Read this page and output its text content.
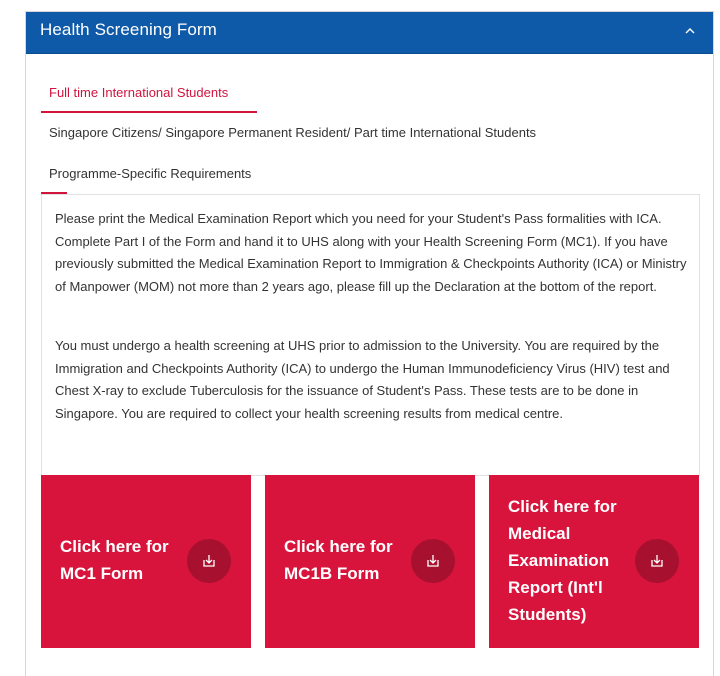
Health Screening Form
Full time International Students
Singapore Citizens/ Singapore Permanent Resident/ Part time International Students
Programme-Specific Requirements

Please print the Medical Examination Report which you need for your Student's Pass formalities with ICA. Complete Part I of the Form and hand it to UHS along with your Health Screening Form (MC1). If you have previously submitted the Medical Examination Report to Immigration & Checkpoints Authority (ICA) or Ministry of Manpower (MOM) not more than 2 years ago, please fill up the Declaration at the bottom of the report.

You must undergo a health screening at UHS prior to admission to the University. You are required by the Immigration and Checkpoints Authority (ICA) to undergo the Human Immunodeficiency Virus (HIV) test and Chest X-ray to exclude Tuberculosis for the issuance of Student's Pass. These tests are to be done in Singapore. You are required to collect your health screening results from medical centre.

Click here for MC1 Form
Click here for MC1B Form
Click here for Medical Examination Report (Int'l Students)
